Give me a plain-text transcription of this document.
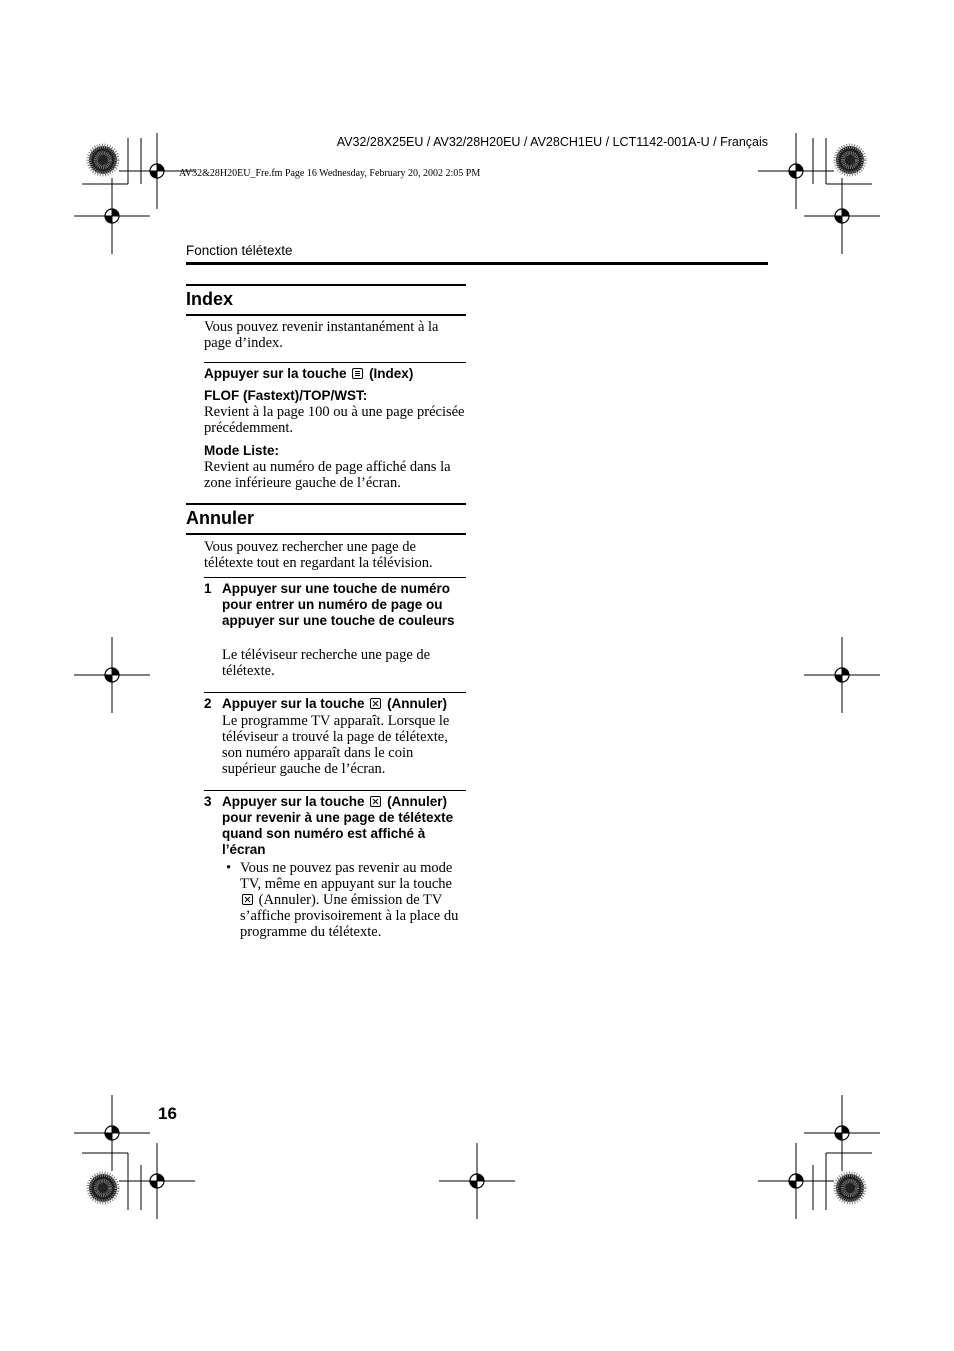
AV32/28X25EU / AV32/28H20EU / AV28CH1EU / LCT1142-001A-U / Français
AV32&28H20EU_Fre.fm Page 16 Wednesday, February 20, 2002 2:05 PM
Fonction télétexte
Index
Vous pouvez revenir instantanément à la page d’index.
Appuyer sur la touche (Index)
FLOF (Fastext)/TOP/WST:
Revient à la page 100 ou à une page précisée précédemment.
Mode Liste:
Revient au numéro de page affiché dans la zone inférieure gauche de l’écran.
Annuler
Vous pouvez rechercher une page de télétexte tout en regardant la télévision.
1 Appuyer sur une touche de numéro pour entrer un numéro de page ou appuyer sur une touche de couleurs
Le téléviseur recherche une page de télétexte.
2 Appuyer sur la touche (Annuler)
Le programme TV apparaît. Lorsque le téléviseur a trouvé la page de télétexte, son numéro apparaît dans le coin supérieur gauche de l’écran.
3 Appuyer sur la touche (Annuler) pour revenir à une page de télétexte quand son numéro est affiché à l’écran
• Vous ne pouvez pas revenir au mode TV, même en appuyant sur la touche  (Annuler). Une émission de TV s’affiche provisoirement à la place du programme du télétexte.
16
